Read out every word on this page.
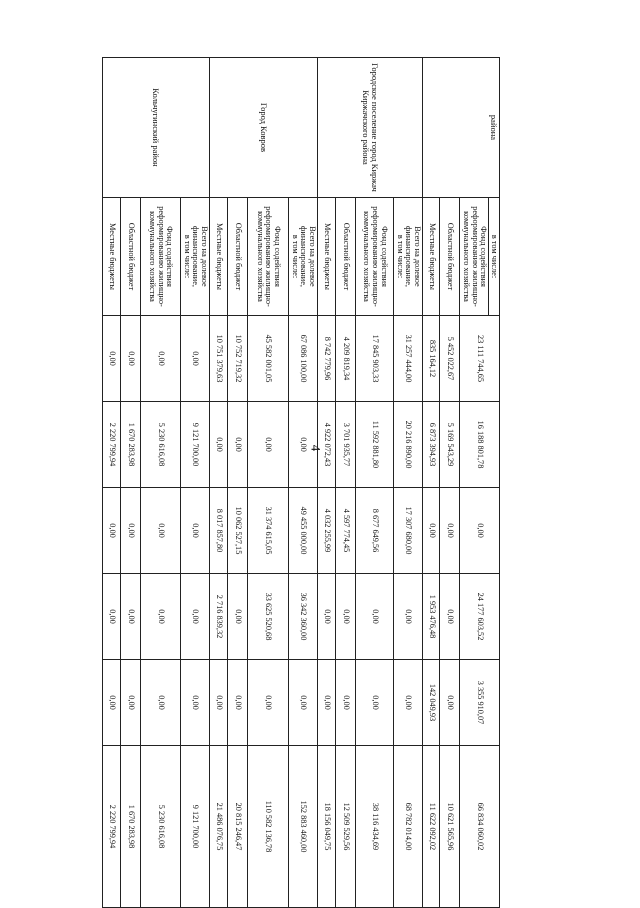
4
района	в том числе:
Фонд содействия реформированию жилищно-коммунального хозяйства	23 111 744,65	16 188 801,78	0,00	24 177 603,52	3 355 910,07	66 834 060,02
	Областной бюджет	5 452 022,67	5 169 543,29	0,00	0,00	0,00	10 621 565,96
	Местные бюджеты	835 164,12	6 873 394,93	0,00	1 953 476,48	142 049,93	11 622 092,02
Городское поселение город Киржач Киржачского района	Всего на долевое финансирование,
в том числе:	31 257 444,00	20 216 890,00	17 307 680,00	0,00	0,00	68 782 014,00
	Фонд содействия реформированию жилищно-коммунального хозяйства	17 845 903,33	11 592 881,80	8 677 649,56	0,00	0,00	38 116 434,69
	Областной бюджет	4 209 819,34	3 701 935,77	4 597 774,45	0,00	0,00	12 509 529,56
	Местные бюджеты	8 742 779,96	4 922 072,43	4 032 255,99	0,00	0,00	18 156 049,75
Город Ковров	Всего на долевое финансирование,
в том числе:	67 086 100,00	0,00	49 455 000,00	36 342 360,00	0,00	152 883 460,00
	Фонд содействия реформированию жилищно-коммунального хозяйства	45 582 001,05	0,00	31 374 615,05	33 625 520,68	0,00	110 582 136,78
	Областной бюджет	10 752 719,32	0,00	10 062 527,15	0,00	0,00	20 815 246,47
	Местные бюджеты	10 751 379,63	0,00	8 017 857,80	2 716 839,32	0,00	21 486 076,75
Кольчугинский район	Всего на долевое финансирование,
в том числе:	0,00	9 121 700,00	0,00	0,00	0,00	9 121 700,00
	Фонд содействия реформированию жилищно-коммунального хозяйства	0,00	5 230 616,08	0,00	0,00	0,00	5 230 616,08
	Областной бюджет	0,00	1 670 283,98	0,00	0,00	0,00	1 670 283,98
	Местные бюджеты	0,00	2 220 799,94	0,00	0,00	0,00	2 220 799,94
